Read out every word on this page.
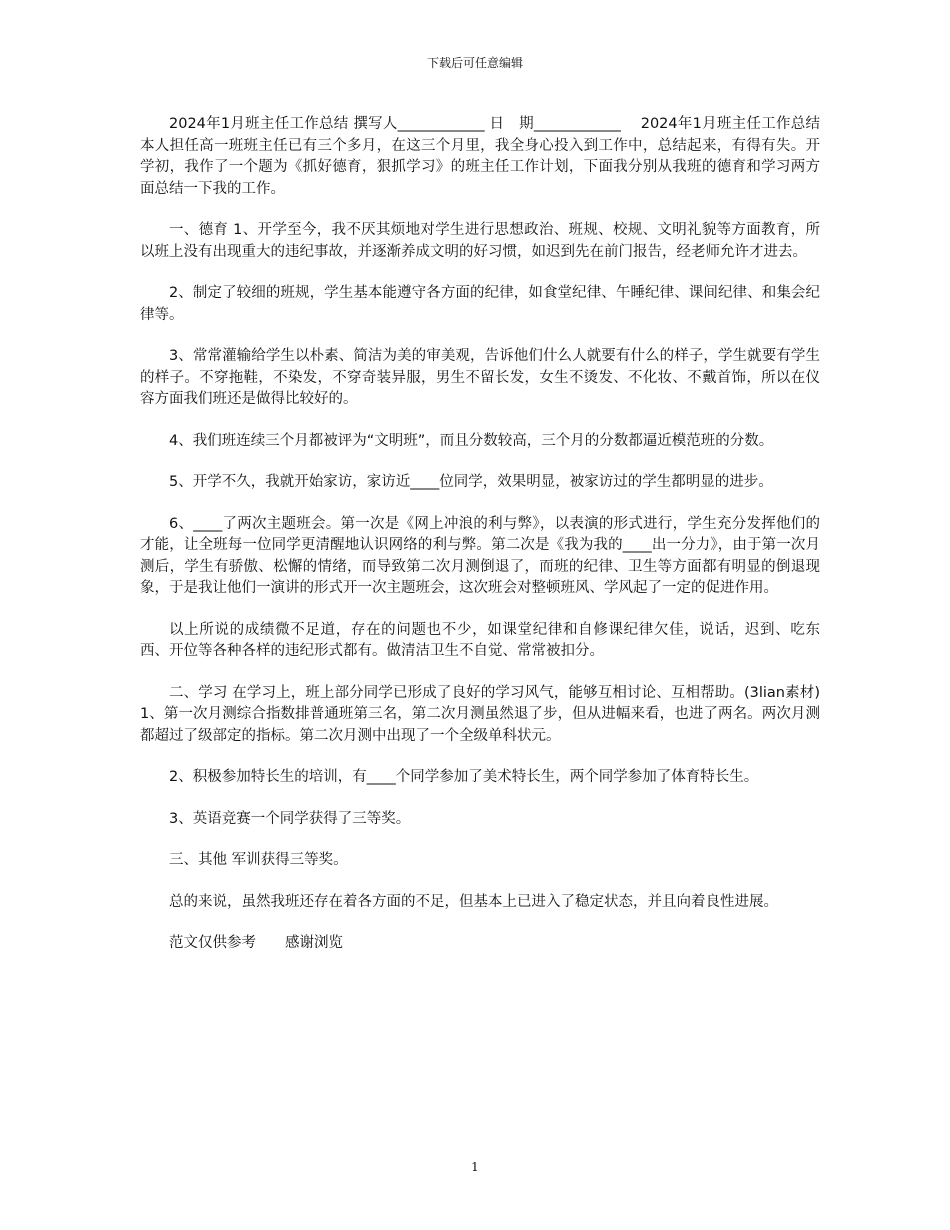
下载后可任意编辑

2024年1月班主任工作总结 撰写人____________ 日　期____________　 2024年1月班主任工作总结 本人担任高一班班主任已有三个多月，在这三个月里，我全身心投入到工作中，总结起来，有得有失。开学初，我作了一个题为《抓好德育，狠抓学习》的班主任工作计划，下面我分别从我班的德育和学习两方面总结一下我的工作。

一、德育 1、开学至今，我不厌其烦地对学生进行思想政治、班规、校规、文明礼貌等方面教育，所以班上没有出现重大的违纪事故，并逐渐养成文明的好习惯，如迟到先在前门报告，经老师允许才进去。

2、制定了较细的班规，学生基本能遵守各方面的纪律，如食堂纪律、午睡纪律、课间纪律、和集会纪律等。

3、常常灌输给学生以朴素、简洁为美的审美观，告诉他们什么人就要有什么的样子，学生就要有学生的样子。不穿拖鞋，不染发，不穿奇装异服，男生不留长发，女生不烫发、不化妆、不戴首饰，所以在仪容方面我们班还是做得比较好的。

4、我们班连续三个月都被评为“文明班”，而且分数较高，三个月的分数都逼近模范班的分数。

5、开学不久，我就开始家访，家访近____位同学，效果明显，被家访过的学生都明显的进步。

6、____了两次主题班会。第一次是《网上冲浪的利与弊》，以表演的形式进行，学生充分发挥他们的才能，让全班每一位同学更清醒地认识网络的利与弊。第二次是《我为我的____出一分力》，由于第一次月测后，学生有骄傲、松懈的情绪，而导致第二次月测倒退了，而班的纪律、卫生等方面都有明显的倒退现象，于是我让他们一演讲的形式开一次主题班会，这次班会对整顿班风、学风起了一定的促进作用。

以上所说的成绩微不足道，存在的问题也不少，如课堂纪律和自修课纪律欠佳，说话，迟到、吃东西、开位等各种各样的违纪形式都有。做清洁卫生不自觉、常常被扣分。

二、学习 在学习上，班上部分同学已形成了良好的学习风气，能够互相讨论、互相帮助。(3lian素材) 1、第一次月测综合指数排普通班第三名，第二次月测虽然退了步，但从进幅来看，也进了两名。两次月测都超过了级部定的指标。第二次月测中出现了一个全级单科状元。

2、积极参加特长生的培训，有____个同学参加了美术特长生，两个同学参加了体育特长生。

3、英语竞赛一个同学获得了三等奖。

三、其他 军训获得三等奖。

总的来说，虽然我班还存在着各方面的不足，但基本上已进入了稳定状态，并且向着良性进展。

范文仅供参考　　感谢浏览

1
